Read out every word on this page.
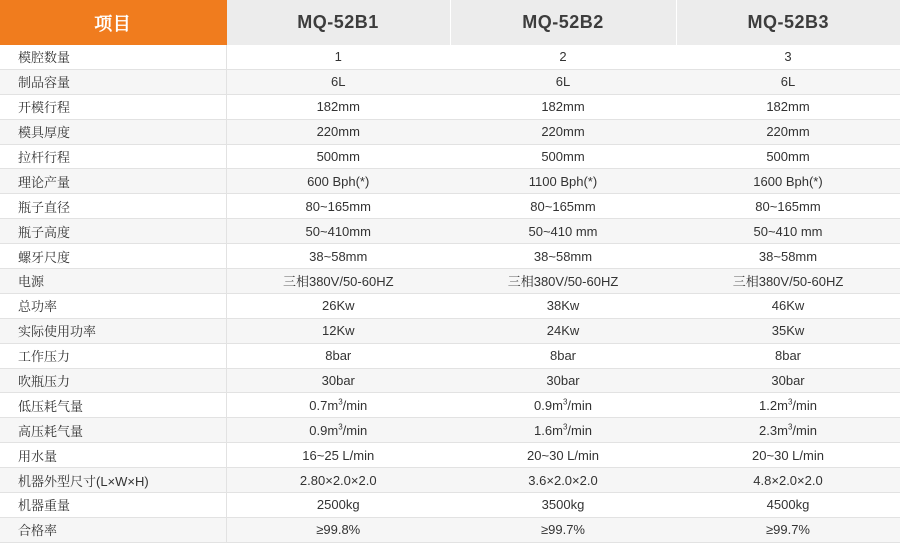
项目	MQ-52B1	MQ-52B2	MQ-52B3
模腔数量	1	2	3
制品容量	6L	6L	6L
开模行程	182mm	182mm	182mm
模具厚度	220mm	220mm	220mm
拉杆行程	500mm	500mm	500mm
理论产量	600 Bph(*)	1100 Bph(*)	1600 Bph(*)
瓶子直径	80~165mm	80~165mm	80~165mm
瓶子高度	50~410mm	50~410 mm	50~410 mm
螺牙尺度	38~58mm	38~58mm	38~58mm
电源	三相380V/50-60HZ	三相380V/50-60HZ	三相380V/50-60HZ
总功率	26Kw	38Kw	46Kw
实际使用功率	12Kw	24Kw	35Kw
工作压力	8bar	8bar	8bar
吹瓶压力	30bar	30bar	30bar
低压耗气量	$0.7m^3/\min$	$0.9m^3/\min$	$1.2m^3/\min$
高压耗气量	$0.9m^3/\min$	$1.6m^3/\min$	$2.3m^3/\min$
用水量	16~25 L/min	20~30 L/min	20~30 L/min
机器外型尺寸(L×W×H)	2.80×2.0×2.0	3.6×2.0×2.0	4.8×2.0×2.0
机器重量	2500kg	3500kg	4500kg
合格率	≥99.8%	≥99.7%	≥99.7%
